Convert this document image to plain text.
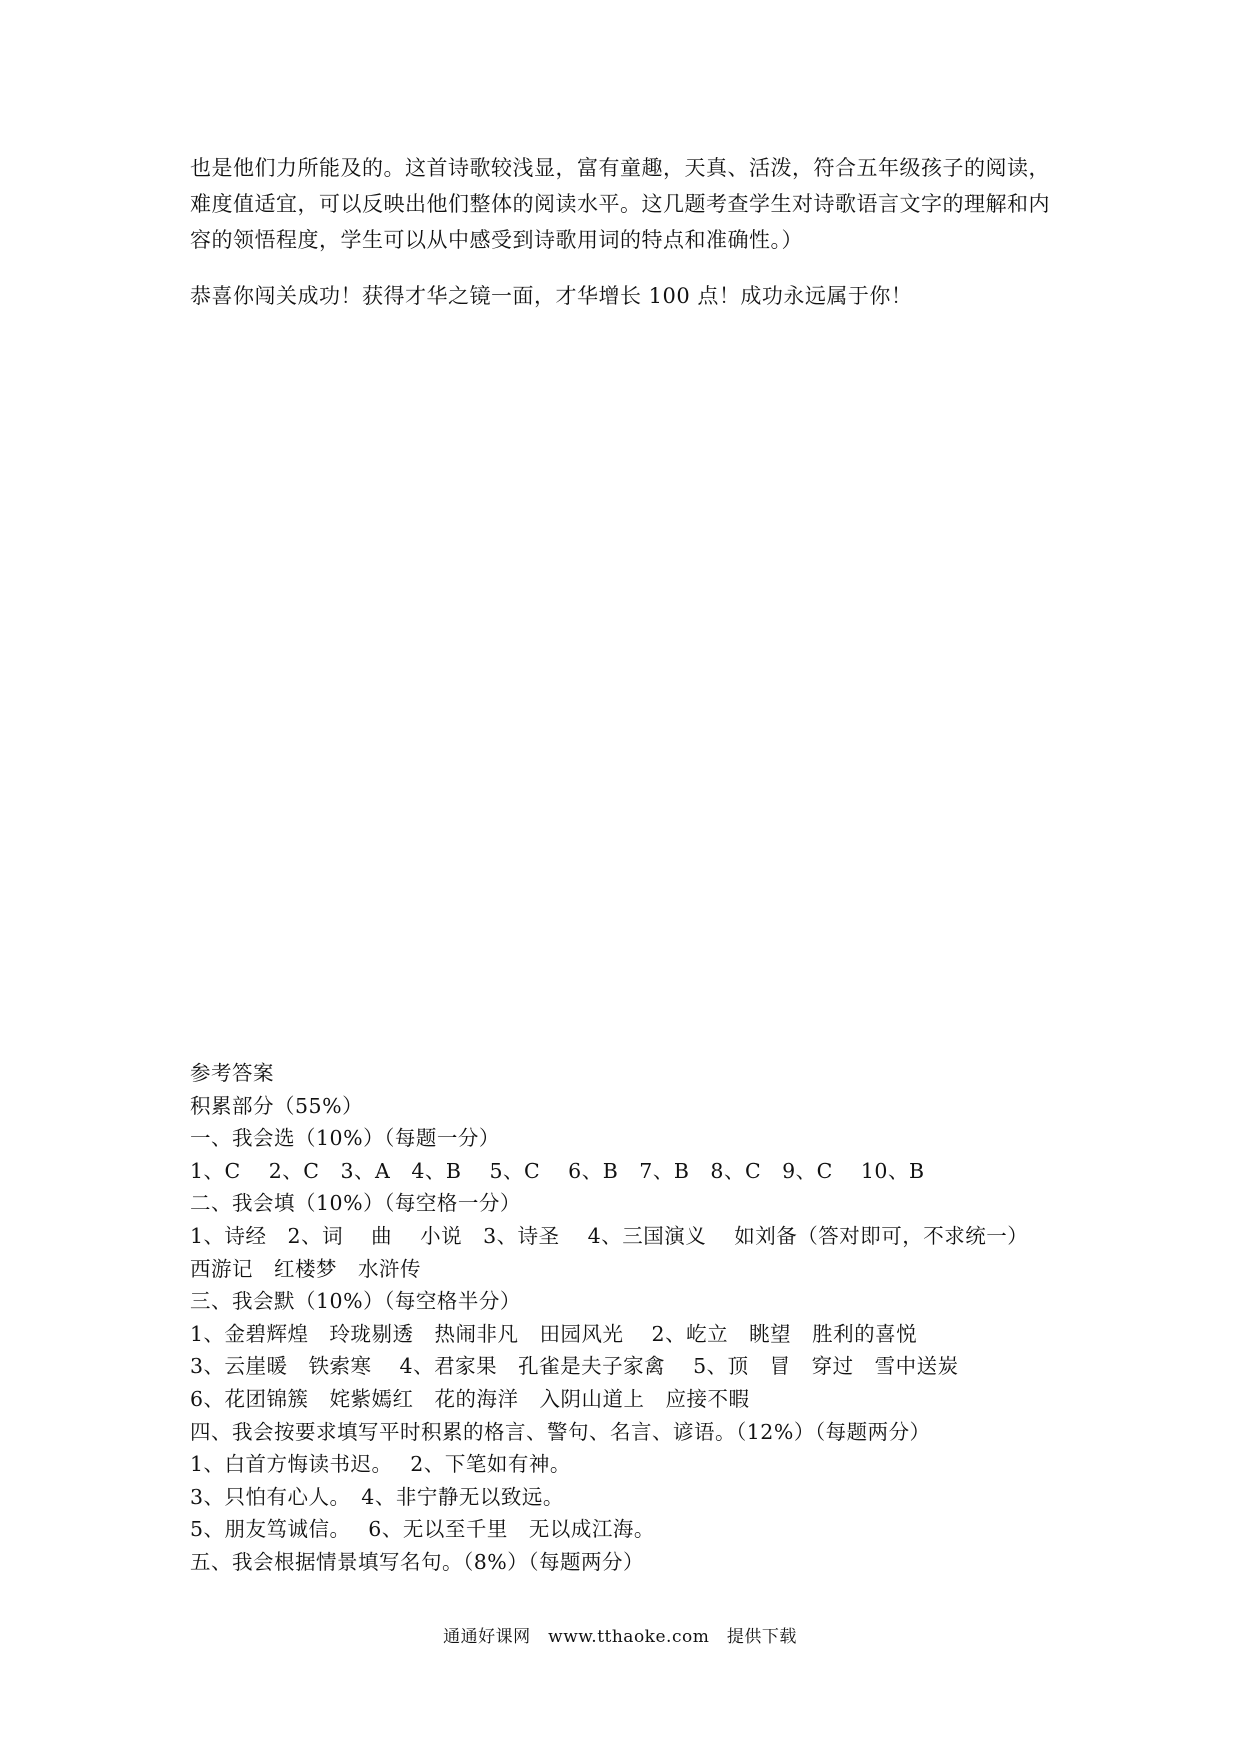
也是他们力所能及的。这首诗歌较浅显，富有童趣，天真、活泼，符合五年级孩子的阅读，

难度值适宜，可以反映出他们整体的阅读水平。这几题考查学生对诗歌语言文字的理解和内

容的领悟程度，学生可以从中感受到诗歌用词的特点和准确性。）

恭喜你闯关成功！获得才华之镜一面，才华增长 100 点！成功永远属于你！

参考答案

积累部分（55%）

一、我会选（10%）（每题一分）

1、C　 2、C　3、A　4、B　 5、C　 6、B　7、B　8、C　9、C　 10、B

二、我会填（10%）（每空格一分）

1、诗经　2、词　 曲　 小说　3、诗圣　 4、三国演义　 如刘备（答对即可，不求统一）

西游记　红楼梦　水浒传

三、我会默（10%）（每空格半分）

1、金碧辉煌　玲珑剔透　热闹非凡　田园风光　 2、屹立　眺望　胜利的喜悦

3、云崖暖　铁索寒　 4、君家果　孔雀是夫子家禽　 5、顶　冒　穿过　雪中送炭

6、花团锦簇　姹紫嫣红　花的海洋　入阴山道上　应接不暇

四、我会按要求填写平时积累的格言、警句、名言、谚语。（12%）（每题两分）

1、白首方悔读书迟。　 2、下笔如有神。

3、只怕有心人。　4、非宁静无以致远。

5、朋友笃诚信。　 6、无以至千里　无以成江海。

五、我会根据情景填写名句。（8%）（每题两分）

通通好课网　www.tthaoke.com　提供下载
